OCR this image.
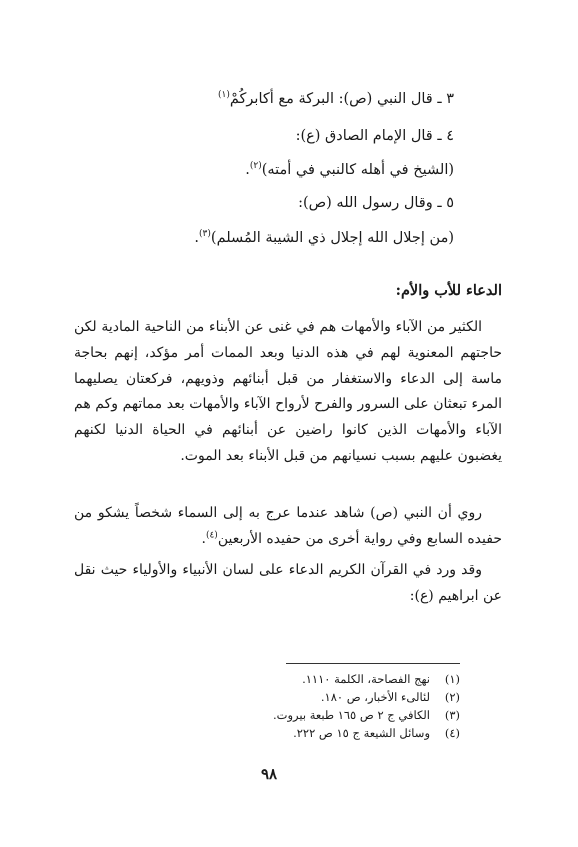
٣ ـ قال النبي (ص): البركة مع أكابركُمْ$^{(١)}$
٤ ـ قال الإمام الصادق (ع):
(الشيخ في أهله كالنبي في أمته)$^{(٢)}$.
٥ ـ وقال رسول الله (ص):
(من إجلال الله إجلال ذي الشيبة المُسلم)$^{(٣)}$.
الدعاء للأب والأم:

الكثير من الآباء والأمهات هم في غنى عن الأبناء من الناحية المادية لكن حاجتهم المعنوية لهم في هذه الدنيا وبعد الممات أمر مؤكد، إنهم بحاجة ماسة إلى الدعاء والاستغفار من قبل أبنائهم وذويهم، فركعتان يصليهما المرء تبعثان على السرور والفرح لأرواح الآباء والأمهات بعد مماتهم وكم هم الآباء والأمهات الذين كانوا راضين عن أبنائهم في الحياة الدنيا لكنهم يغضبون عليهم بسبب نسيانهم من قبل الأبناء بعد الموت.

روي أن النبي (ص) شاهد عندما عرج به إلى السماء شخصاً يشكو من حفيده السابع وفي رواية أخرى من حفيده الأربعين$^{(٤)}$.

وقد ورد في القرآن الكريم الدعاء على لسان الأنبياء والأولياء حيث نقل عن ابراهيم (ع):

(١)نهج الفصاحة، الكلمة ١١١٠.
(٢)لئالىء الأخبار، ص ١٨٠.
(٣)الكافي ج ٢ ص ١٦٥ طبعة بيروت.
(٤)وسائل الشيعة ج ١٥ ص ٢٢٢.
٩٨
